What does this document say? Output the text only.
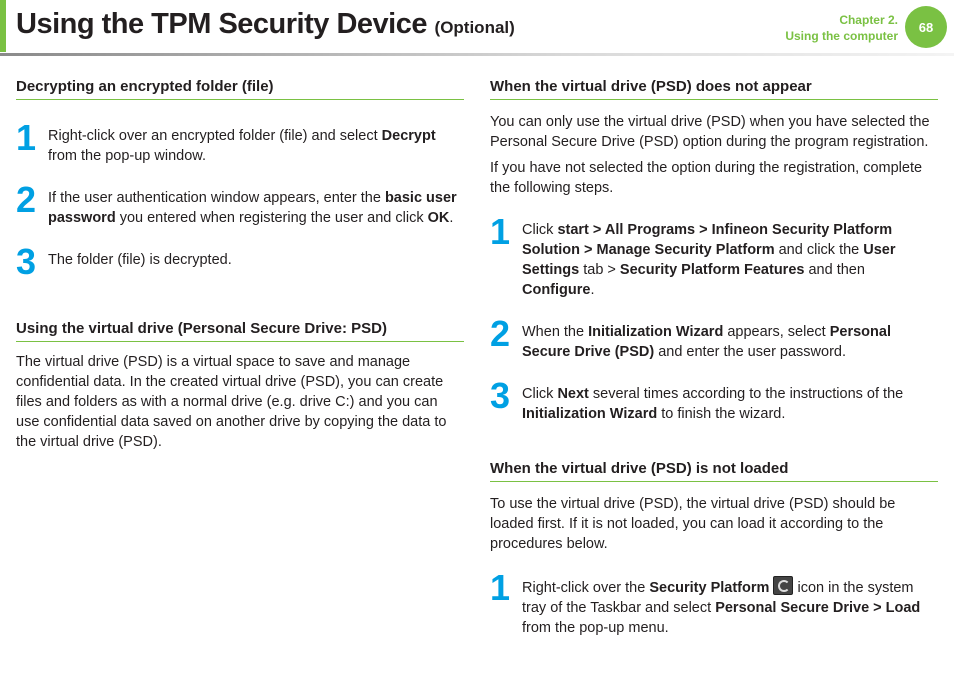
Using the TPM Security Device (Optional)	Chapter 2.
Using the computer
68
Decrypting an encrypted folder (file)
1 Right-click over an encrypted folder (file) and select Decrypt from the pop-up window.

2 If the user authentication window appears, enter the basic user password you entered when registering the user and click OK.

3 The folder (file) is decrypted.

Using the virtual drive (Personal Secure Drive: PSD)

The virtual drive (PSD) is a virtual space to save and manage confidential data. In the created virtual drive (PSD), you can create files and folders as with a normal drive (e.g. drive C:) and you can use confidential data saved on another drive by copying the data to the virtual drive (PSD).

When the virtual drive (PSD) does not appear

You can only use the virtual drive (PSD) when you have selected the Personal Secure Drive (PSD) option during the program registration.

If you have not selected the option during the registration, complete the following steps.

1 Click start > All Programs > Infineon Security Platform Solution > Manage Security Platform and click the User Settings tab > Security Platform Features and then Configure.

2 When the Initialization Wizard appears, select Personal Secure Drive (PSD) and enter the user password.

3 Click Next several times according to the instructions of the Initialization Wizard to finish the wizard.

When the virtual drive (PSD) is not loaded

To use the virtual drive (PSD), the virtual drive (PSD) should be loaded first. If it is not loaded, you can load it according to the procedures below.

1 Right-click over the Security Platform  icon in the system tray of the Taskbar and select Personal Secure Drive > Load from the pop-up menu.
